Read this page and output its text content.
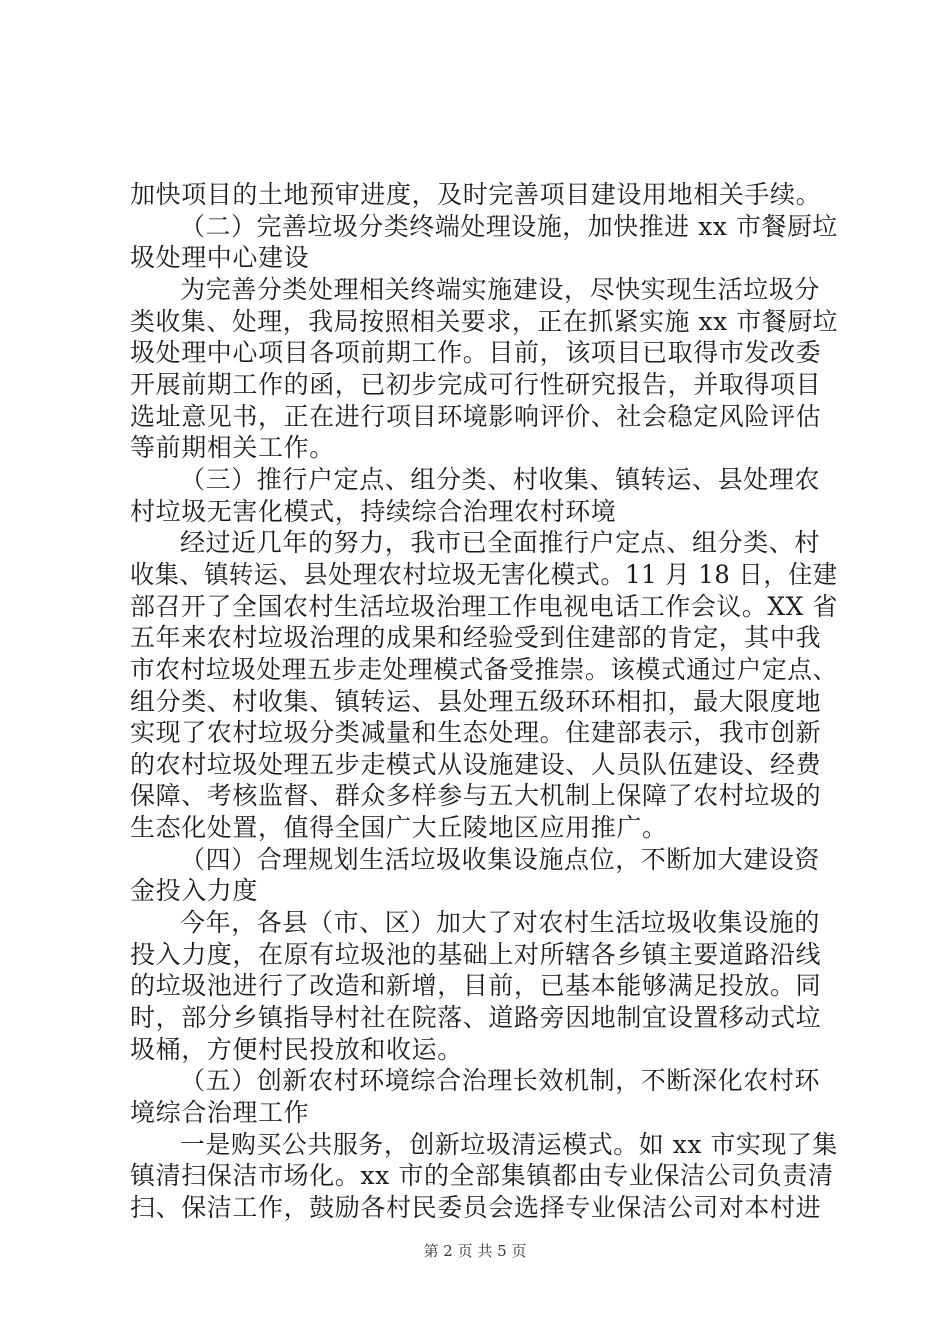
加快项目的土地预审进度，及时完善项目建设用地相关手续。
（二）完善垃圾分类终端处理设施，加快推进 xx 市餐厨垃
圾处理中心建设
为完善分类处理相关终端实施建设，尽快实现生活垃圾分
类收集、处理，我局按照相关要求，正在抓紧实施 xx 市餐厨垃
圾处理中心项目各项前期工作。目前，该项目已取得市发改委
开展前期工作的函，已初步完成可行性研究报告，并取得项目
选址意见书，正在进行项目环境影响评价、社会稳定风险评估
等前期相关工作。
（三）推行户定点、组分类、村收集、镇转运、县处理农
村垃圾无害化模式，持续综合治理农村环境
经过近几年的努力，我市已全面推行户定点、组分类、村
收集、镇转运、县处理农村垃圾无害化模式。11 月 18 日，住建
部召开了全国农村生活垃圾治理工作电视电话工作会议。XX 省
五年来农村垃圾治理的成果和经验受到住建部的肯定，其中我
市农村垃圾处理五步走处理模式备受推崇。该模式通过户定点、
组分类、村收集、镇转运、县处理五级环环相扣，最大限度地
实现了农村垃圾分类减量和生态处理。住建部表示，我市创新
的农村垃圾处理五步走模式从设施建设、人员队伍建设、经费
保障、考核监督、群众多样参与五大机制上保障了农村垃圾的
生态化处置，值得全国广大丘陵地区应用推广。
（四）合理规划生活垃圾收集设施点位，不断加大建设资
金投入力度
今年，各县（市、区）加大了对农村生活垃圾收集设施的
投入力度，在原有垃圾池的基础上对所辖各乡镇主要道路沿线
的垃圾池进行了改造和新增，目前，已基本能够满足投放。同
时，部分乡镇指导村社在院落、道路旁因地制宜设置移动式垃
圾桶，方便村民投放和收运。
（五）创新农村环境综合治理长效机制，不断深化农村环
境综合治理工作
一是购买公共服务，创新垃圾清运模式。如 xx 市实现了集
镇清扫保洁市场化。xx 市的全部集镇都由专业保洁公司负责清
扫、保洁工作，鼓励各村民委员会选择专业保洁公司对本村进
第 2 页 共 5 页
